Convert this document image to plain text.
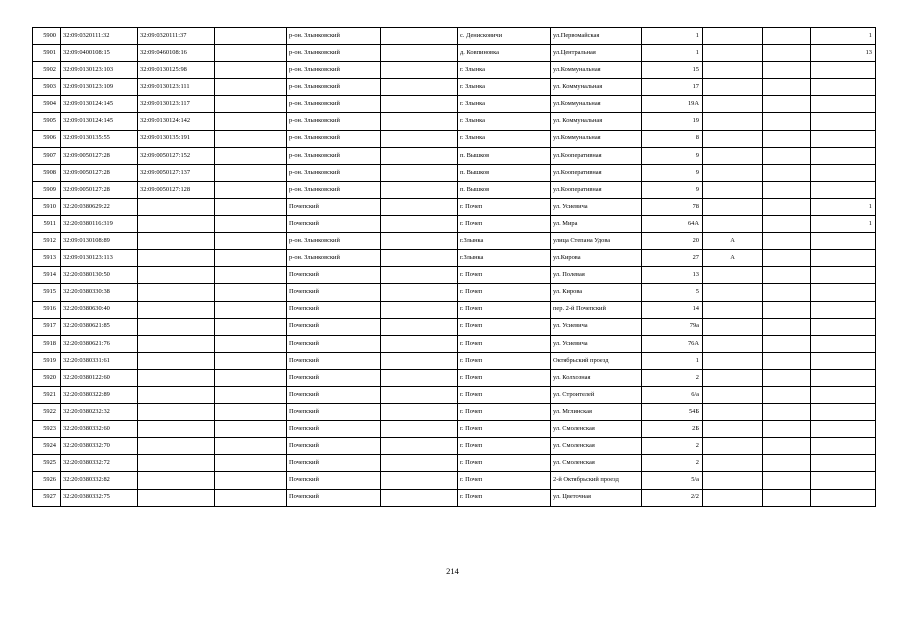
5900	32:09:0320111:32	32:09:0320111:37		р-он. Злынковский		с. Денисковичи	ул.Первомайская	1			1
5901	32:09:0400108:15	32:09:0460108:16		р-он. Злынковский		д. Ковпиновка	ул.Центральная	1			13
5902	32:09:0130123:103	32:09:0130125:98		р-он. Злынковский		г. Злынка	ул.Коммунальная	15			
5903	32:09:0130123:109	32:09:0130123:111		р-он. Злынковский		г. Злынка	ул. Коммунальная	17			
5904	32:09:0130124:145	32:09:0130123:117		р-он. Злынковский		г. Злынка	ул.Коммунальная	19А			
5905	32:09:0130124:145	32:09:0130124:142		р-он. Злынковский		г. Злынка	ул. Коммунальная	19			
5906	32:09:0130135:55	32:09:0130135:191		р-он. Злынковский		г. Злынка	ул.Коммунальная	8			
5907	32:09:0050127:28	32:09:0050127:152		р-он. Злынковский		п. Вышков	ул.Кооперативная	9			
5908	32:09:0050127:28	32:09:0050127:137		р-он. Злынковский		п. Вышков	ул.Кооперативная	9			
5909	32:09:0050127:28	32:09:0050127:128		р-он. Злынковский		п. Вышков	ул.Кооперативная	9			
5910	32:20:0380629:22			Почепский		г. Почеп	ул. Усиевича	78			1
5911	32:20:0380116:319			Почепский		г. Почеп	ул. Мира	64А			1
5912	32:09:0130108:89			р-он. Злынковский		г.Злынка	улица Степана Удова	20	А		
5913	32:09:0130123:113			р-он. Злынковский		г.Злынка	ул.Кирова	27	А		
5914	32:20:0380130:50			Почепский		г. Почеп	ул. Полевая	13			
5915	32:20:0380330:38			Почепский		г. Почеп	ул. Кирова	5			
5916	32:20:0380630:40			Почепский		г. Почеп	пер. 2-й Почепский	14			
5917	32:20:0380621:85			Почепский		г. Почеп	ул. Усиевича	79а			
5918	32:20:0380621:76			Почепский		г. Почеп	ул. Усиевича	76А			
5919	32:20:0380331:61			Почепский		г. Почеп	Октябрьский проезд	1			
5920	32:20:0380122:60			Почепский		г. Почеп	ул. Колхозная	2			
5921	32:20:0380322:89			Почепский		г. Почеп	ул. Строителей	6/а			
5922	32:20:0380232:32			Почепский		г. Почеп	ул. Мглинская	54Б			
5923	32:20:0380332:60			Почепский		г. Почеп	ул. Смоленская	2Б			
5924	32:20:0380332:70			Почепский		г. Почеп	ул. Смоленская	2			
5925	32:20:0380332:72			Почепский		г. Почеп	ул. Смоленская	2			
5926	32:20:0380332:82			Почепский		г. Почеп	2-й Октябрьский проезд	5/а			
5927	32:20:0380332:75			Почепский		г. Почеп	ул. Цветочная	2/2			
214
